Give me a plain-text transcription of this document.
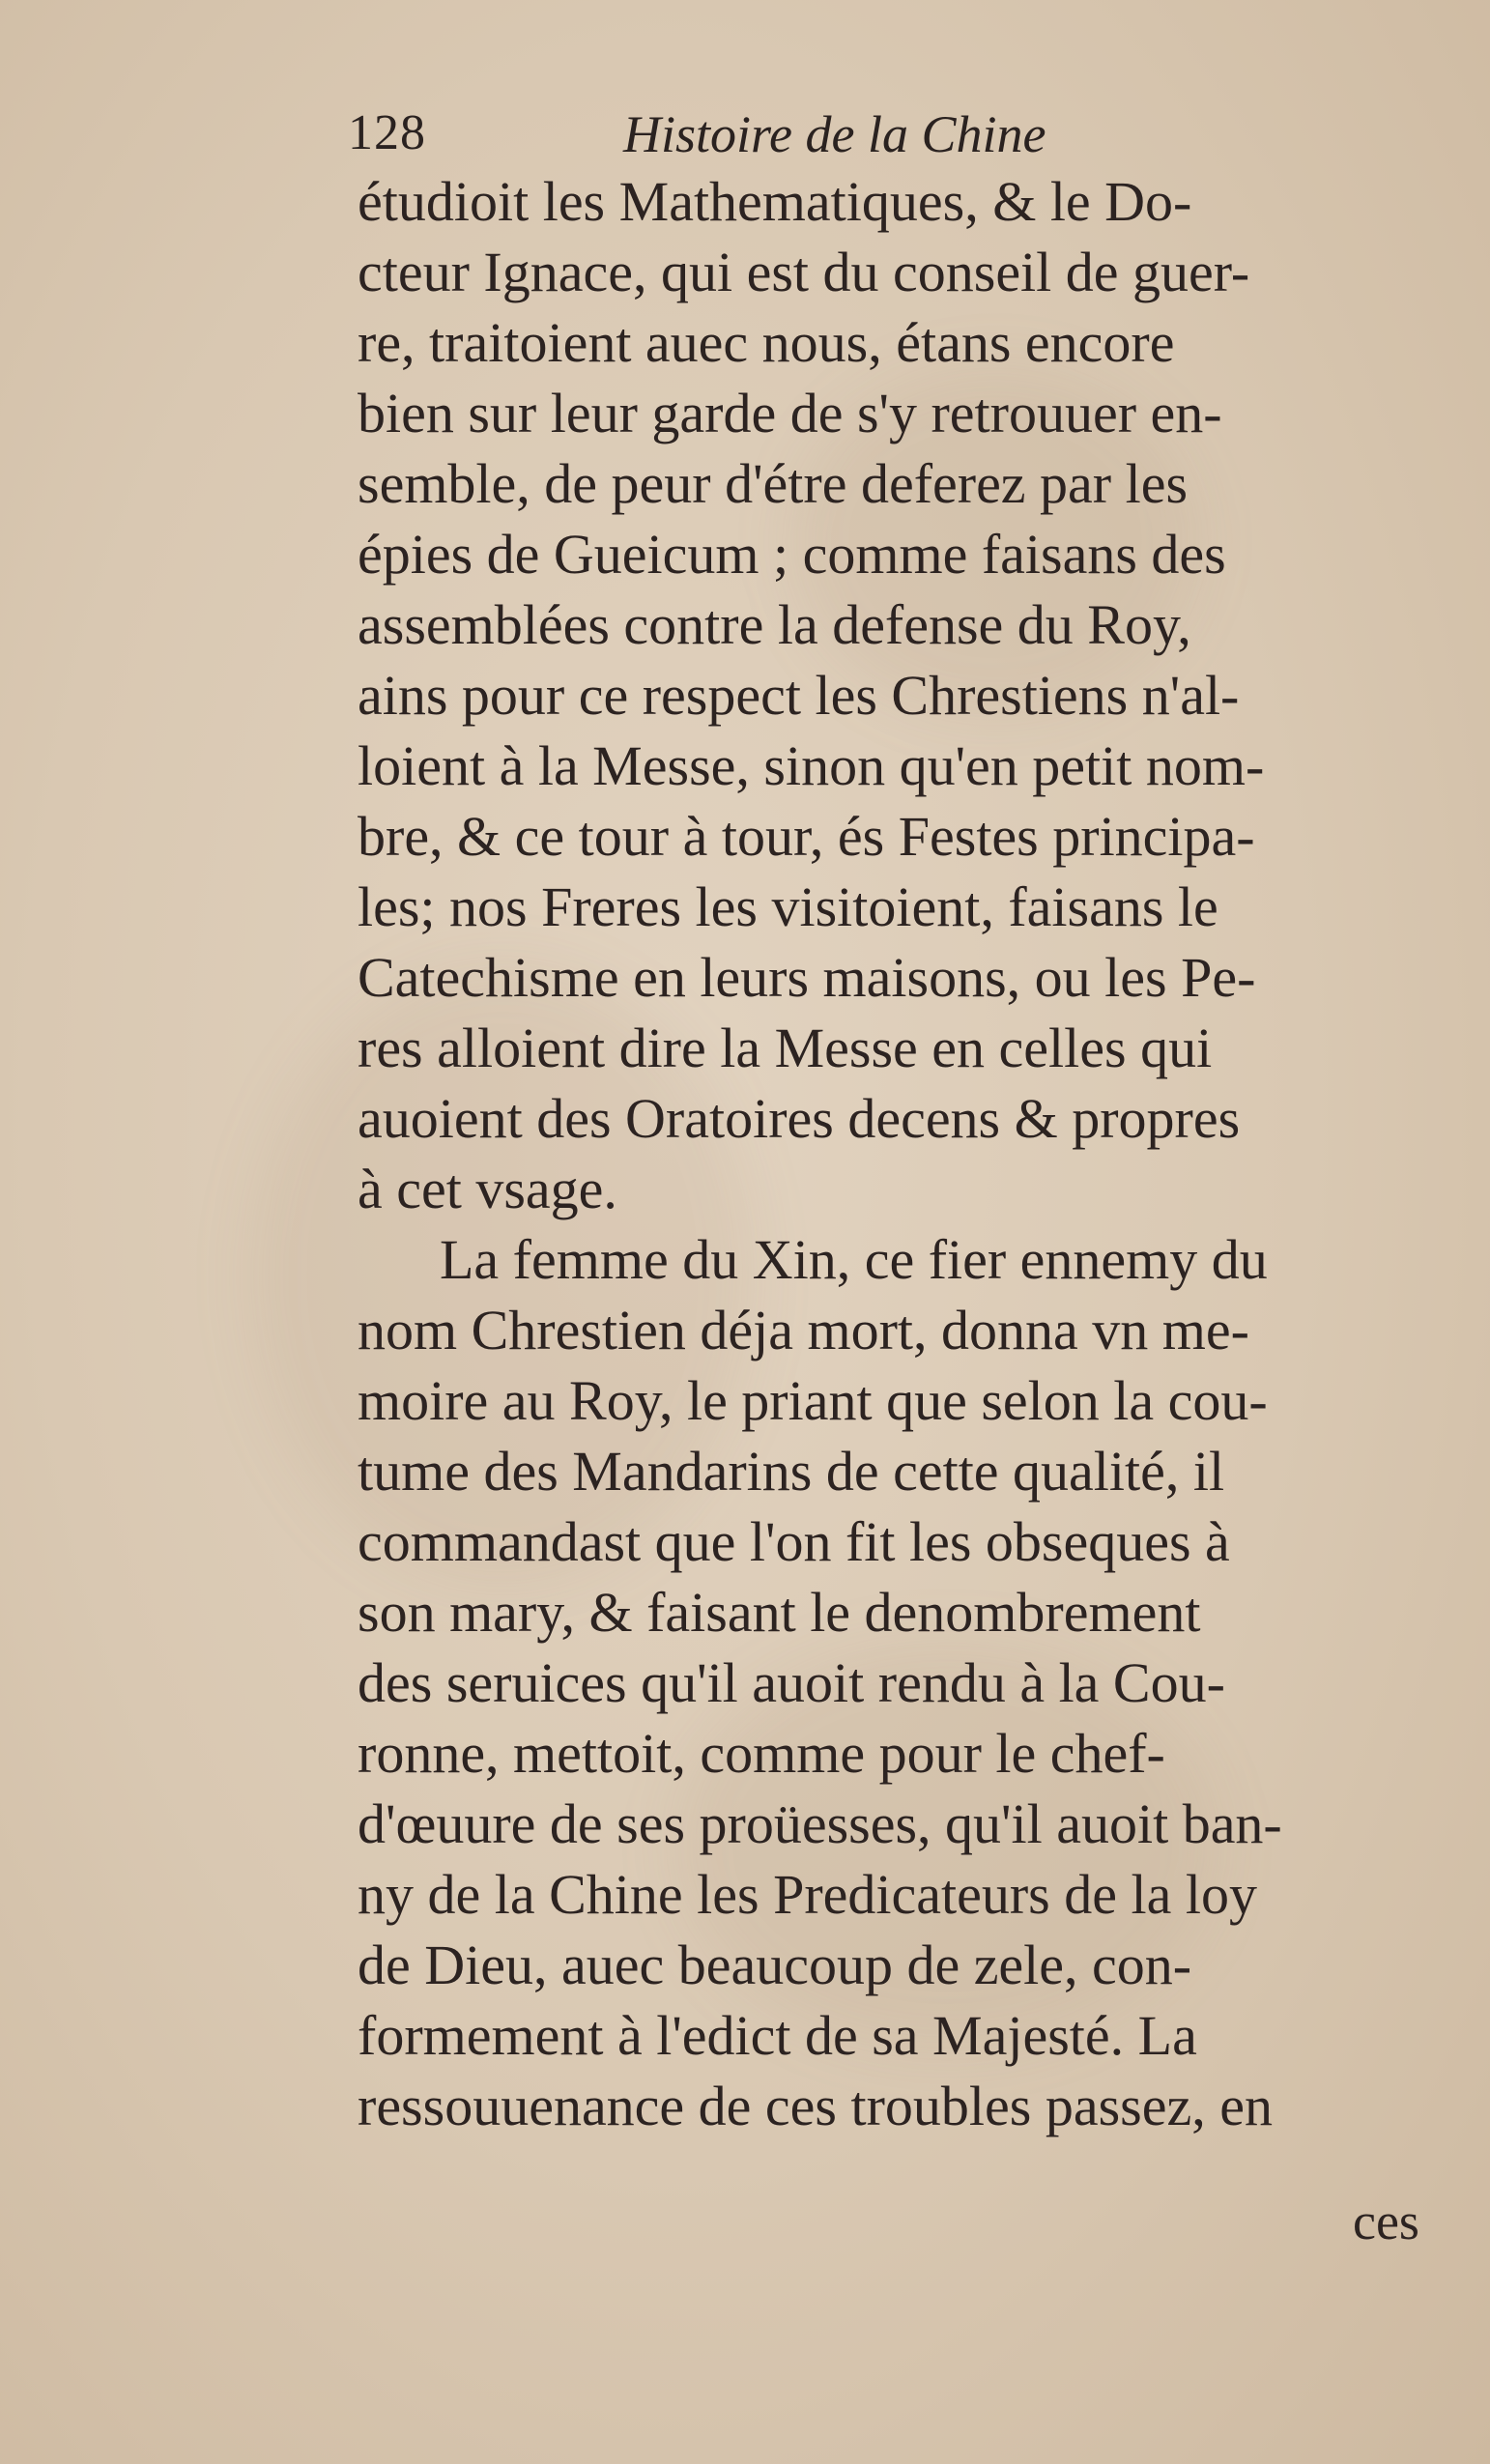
128	Histoire de la Chine
étudioit les Mathematiques, & le Do-
cteur Ignace, qui est du conseil de guer-
re, traitoient auec nous, étans encore
bien sur leur garde de s'y retrouuer en-
semble, de peur d'étre deferez par les
épies de Gueicum ; comme faisans des
assemblées contre la defense du Roy,
ains pour ce respect les Chrestiens n'al-
loient à la Messe, sinon qu'en petit nom-
bre, & ce tour à tour, és Festes principa-
les; nos Freres les visitoient, faisans le
Catechisme en leurs maisons, ou les Pe-
res alloient dire la Messe en celles qui
auoient des Oratoires decens & propres
à cet vsage.
La femme du Xin, ce fier ennemy du
nom Chrestien déja mort, donna vn me-
moire au Roy, le priant que selon la cou-
tume des Mandarins de cette qualité, il
commandast que l'on fit les obseques à
son mary, & faisant le denombrement
des seruices qu'il auoit rendu à la Cou-
ronne, mettoit, comme pour le chef-
d'œuure de ses proüesses, qu'il auoit ban-
ny de la Chine les Predicateurs de la loy
de Dieu, auec beaucoup de zele, con-
formement à l'edict de sa Majesté. La
ressouuenance de ces troubles passez, en
ces
